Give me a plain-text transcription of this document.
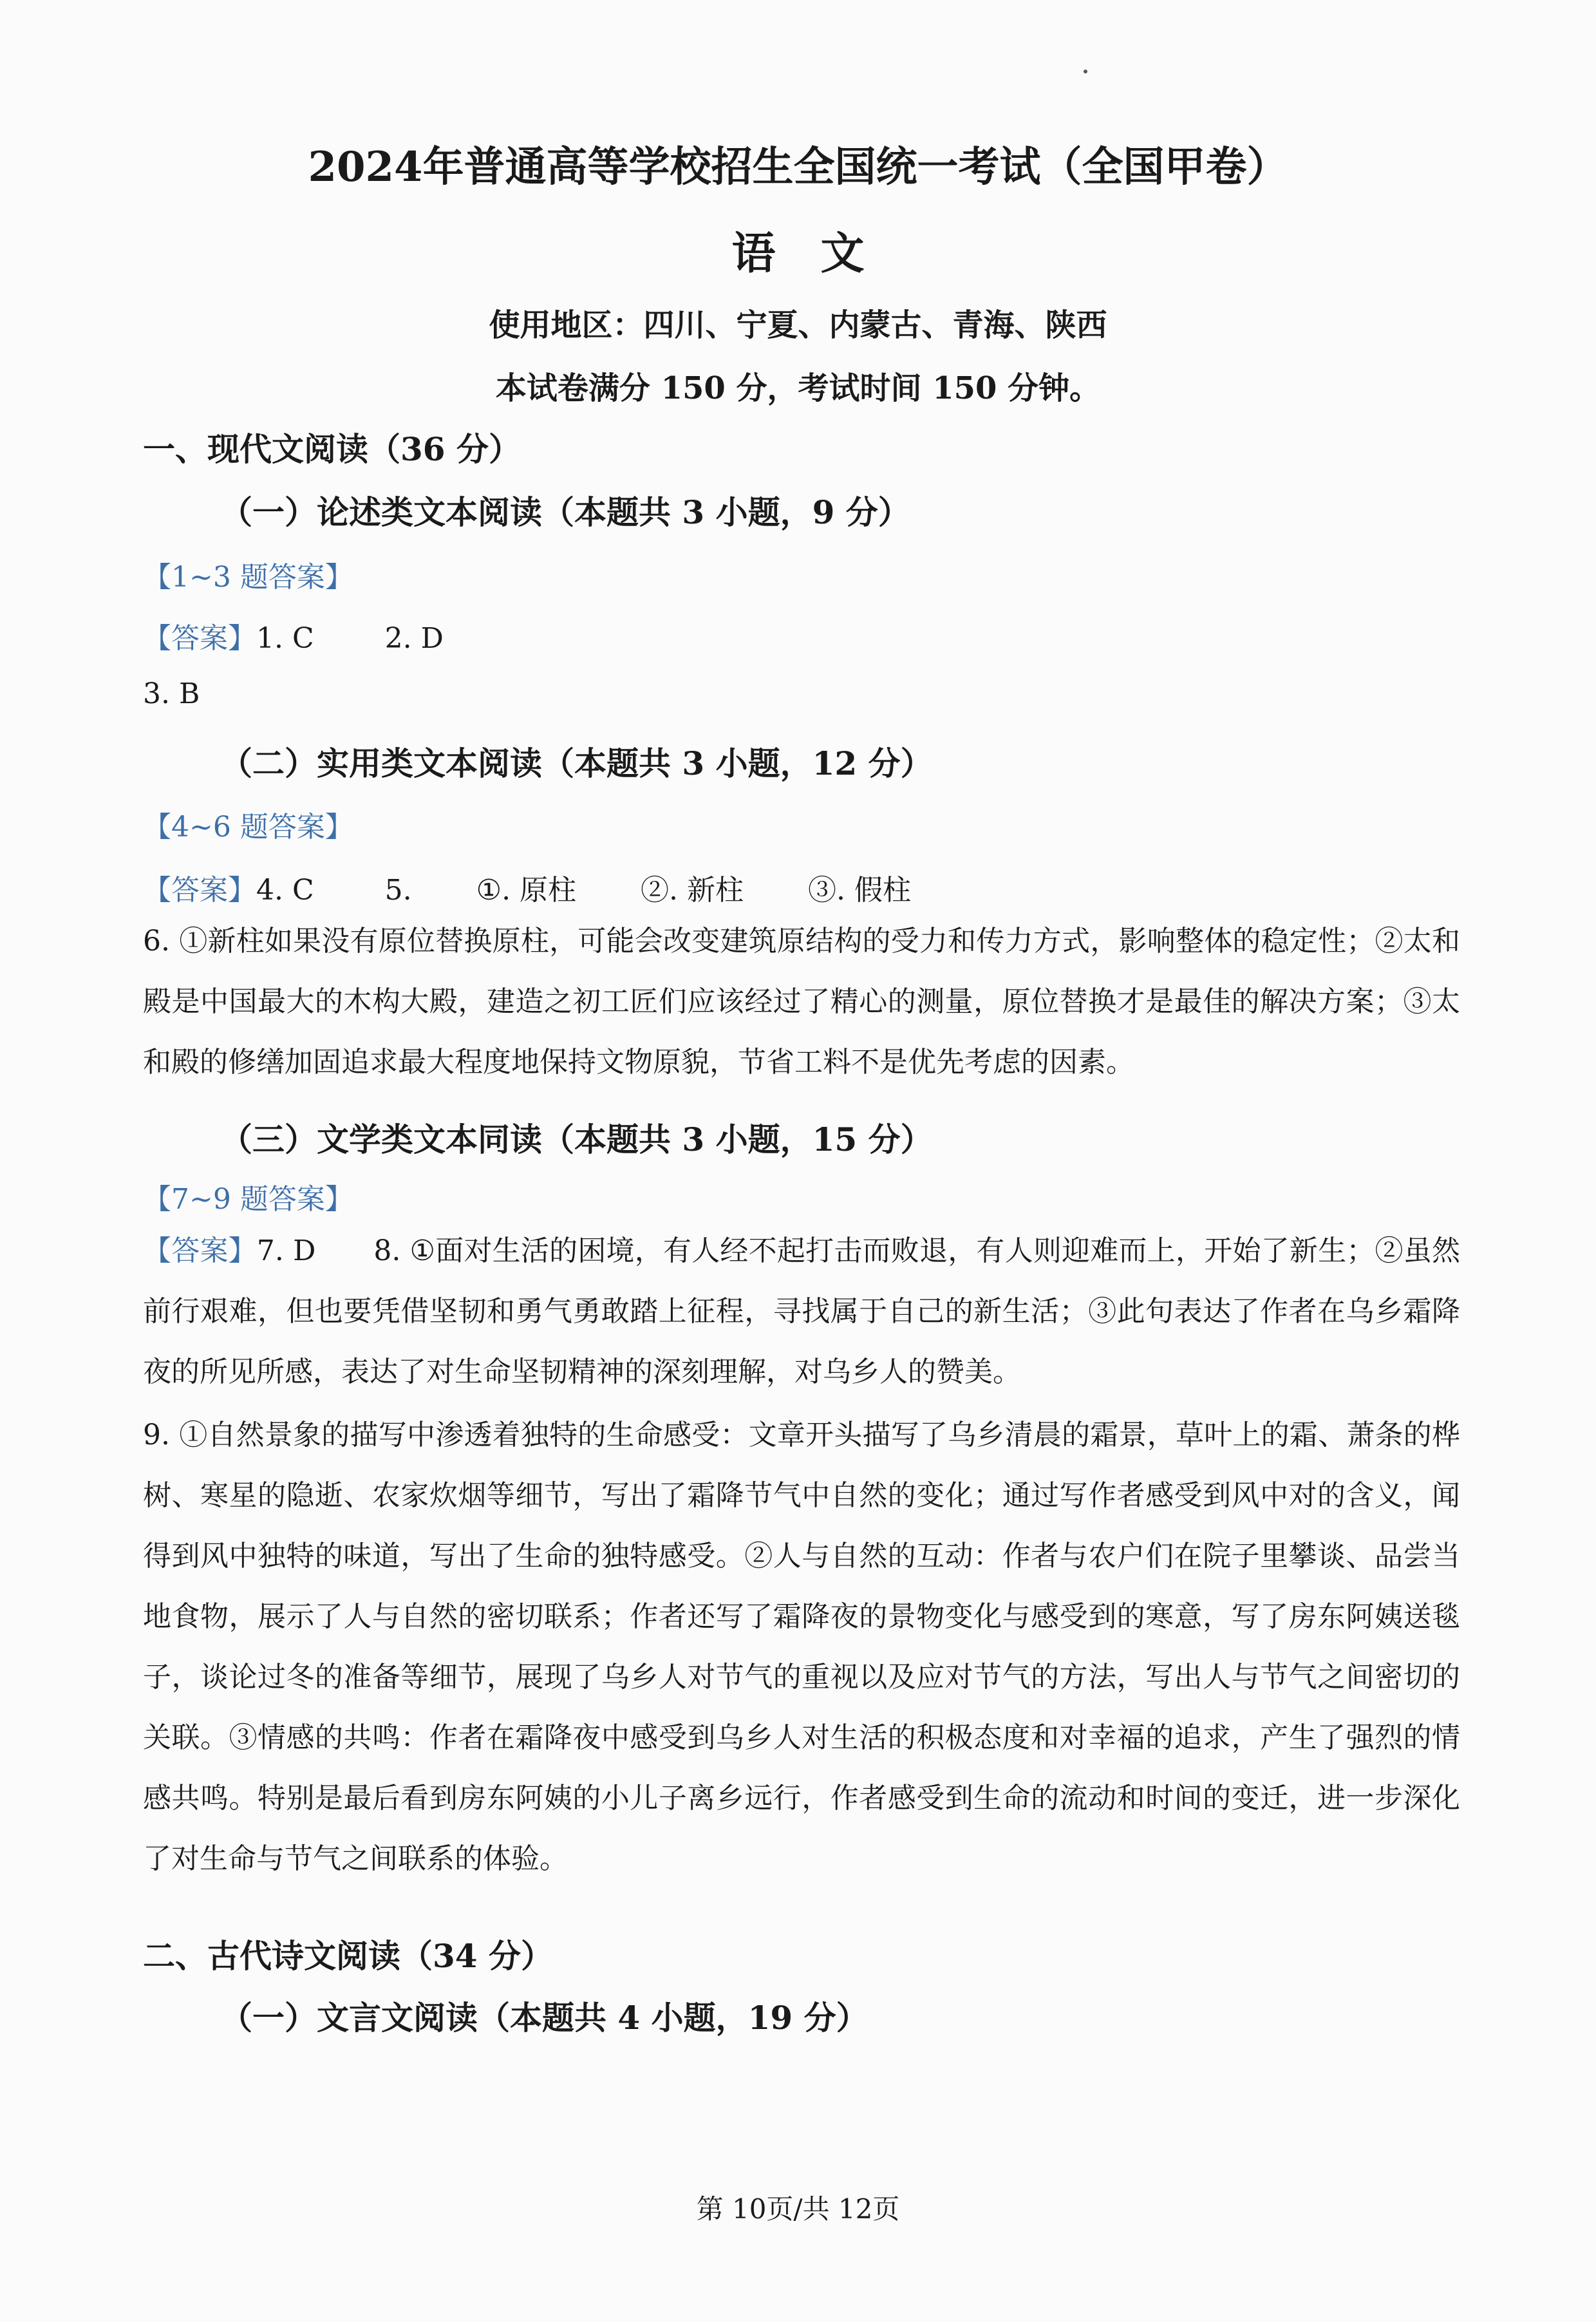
2024年普通高等学校招生全国统一考试（全国甲卷）
语文
使用地区：四川、宁夏、内蒙古、青海、陕西
本试卷满分 150 分，考试时间 150 分钟。
一、现代文阅读（36 分）
（一）论述类文本阅读（本题共 3 小题，9 分）
【1~3 题答案】
【答案】1. C	2. D
3. B
（二）实用类文本阅读（本题共 3 小题，12 分）
【4~6 题答案】
【答案】4. C	5. ①. 原柱 ②. 新柱 ③. 假柱
6. ①新柱如果没有原位替换原柱，可能会改变建筑原结构的受力和传力方式，影响整体的稳定性；②太和殿是中国最大的木构大殿，建造之初工匠们应该经过了精心的测量，原位替换才是最佳的解决方案；③太和殿的修缮加固追求最大程度地保持文物原貌，节省工料不是优先考虑的因素。
（三）文学类文本同读（本题共 3 小题，15 分）
【7~9 题答案】
【答案】7. D 8. ①面对生活的困境，有人经不起打击而败退，有人则迎难而上，开始了新生；②虽然前行艰难，但也要凭借坚韧和勇气勇敢踏上征程，寻找属于自己的新生活；③此句表达了作者在乌乡霜降夜的所见所感，表达了对生命坚韧精神的深刻理解，对乌乡人的赞美。
9. ①自然景象的描写中渗透着独特的生命感受：文章开头描写了乌乡清晨的霜景，草叶上的霜、萧条的桦树、寒星的隐逝、农家炊烟等细节，写出了霜降节气中自然的变化；通过写作者感受到风中对的含义，闻得到风中独特的味道，写出了生命的独特感受。②人与自然的互动：作者与农户们在院子里攀谈、品尝当地食物，展示了人与自然的密切联系；作者还写了霜降夜的景物变化与感受到的寒意，写了房东阿姨送毯子，谈论过冬的准备等细节，展现了乌乡人对节气的重视以及应对节气的方法，写出人与节气之间密切的关联。③情感的共鸣：作者在霜降夜中感受到乌乡人对生活的积极态度和对幸福的追求，产生了强烈的情感共鸣。特别是最后看到房东阿姨的小儿子离乡远行，作者感受到生命的流动和时间的变迁，进一步深化了对生命与节气之间联系的体验。
二、古代诗文阅读（34 分）
（一）文言文阅读（本题共 4 小题，19 分）
第 10页/共 12页
